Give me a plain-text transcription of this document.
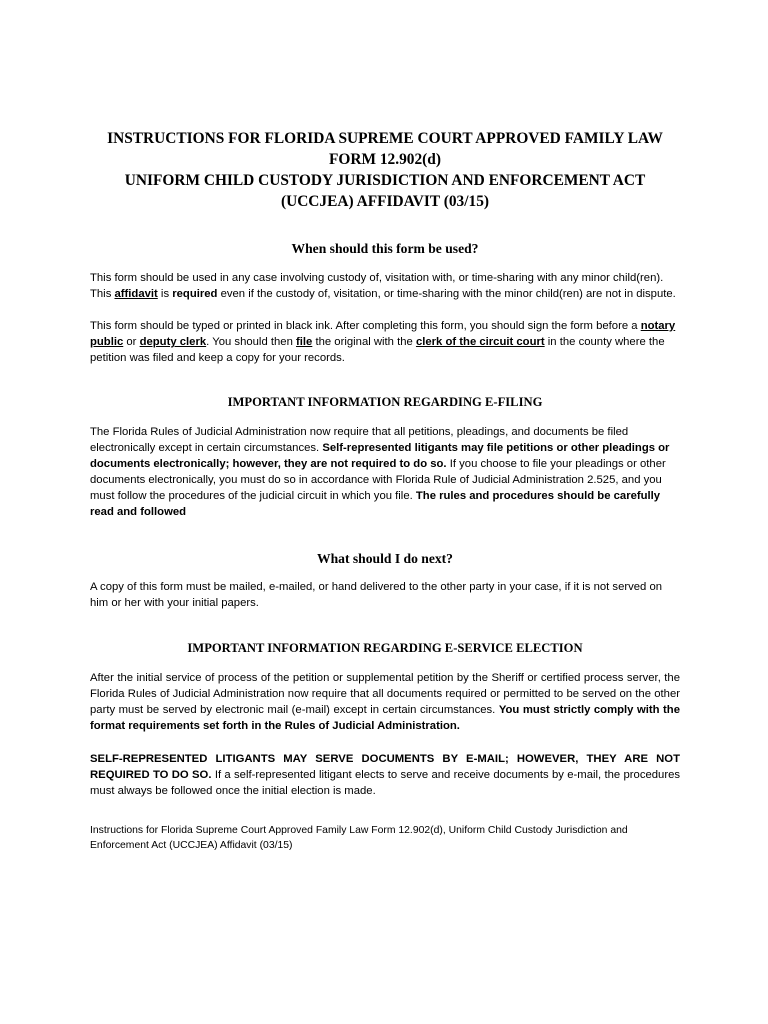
INSTRUCTIONS FOR FLORIDA SUPREME COURT APPROVED FAMILY LAW
FORM 12.902(d)
UNIFORM CHILD CUSTODY JURISDICTION AND ENFORCEMENT ACT
(UCCJEA) AFFIDAVIT (03/15)
When should this form be used?

This form should be used in any case involving custody of, visitation with, or time-sharing with any minor child(ren). This affidavit is required even if the custody of, visitation, or time-sharing with the minor child(ren) are not in dispute.

This form should be typed or printed in black ink. After completing this form, you should sign the form before a notary public or deputy clerk. You should then file the original with the clerk of the circuit court in the county where the petition was filed and keep a copy for your records.

IMPORTANT INFORMATION REGARDING E-FILING

The Florida Rules of Judicial Administration now require that all petitions, pleadings, and documents be filed electronically except in certain circumstances. Self-represented litigants may file petitions or other pleadings or documents electronically; however, they are not required to do so. If you choose to file your pleadings or other documents electronically, you must do so in accordance with Florida Rule of Judicial Administration 2.525, and you must follow the procedures of the judicial circuit in which you file. The rules and procedures should be carefully read and followed

What should I do next?

A copy of this form must be mailed, e-mailed, or hand delivered to the other party in your case, if it is not served on him or her with your initial papers.

IMPORTANT INFORMATION REGARDING E-SERVICE ELECTION

After the initial service of process of the petition or supplemental petition by the Sheriff or certified process server, the Florida Rules of Judicial Administration now require that all documents required or permitted to be served on the other party must be served by electronic mail (e-mail) except in certain circumstances. You must strictly comply with the format requirements set forth in the Rules of Judicial Administration.

SELF-REPRESENTED LITIGANTS MAY SERVE DOCUMENTS BY E-MAIL; HOWEVER, THEY ARE NOT REQUIRED TO DO SO. If a self-represented litigant elects to serve and receive documents by e-mail, the procedures must always be followed once the initial election is made.

Instructions for Florida Supreme Court Approved Family Law Form 12.902(d), Uniform Child Custody Jurisdiction and Enforcement Act (UCCJEA) Affidavit (03/15)
